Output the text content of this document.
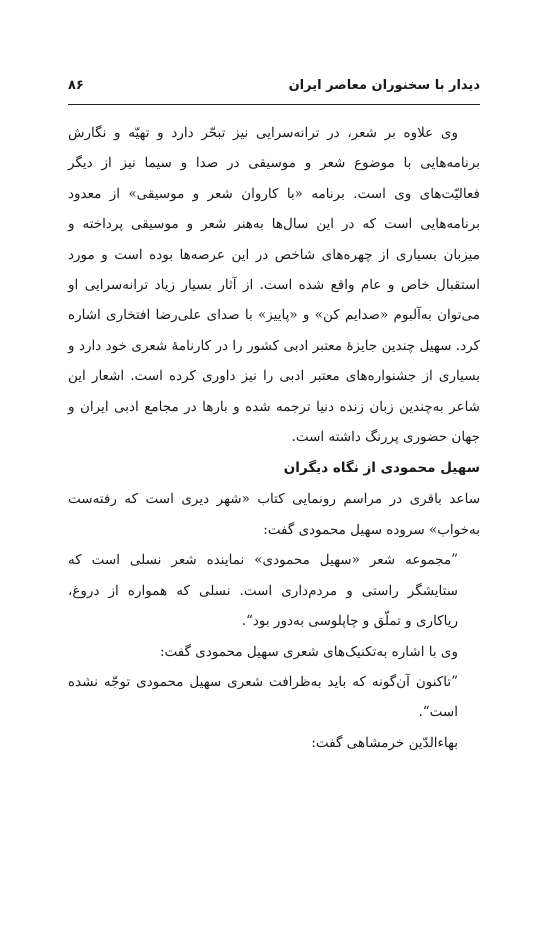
دیدار با سخنوران معاصر ایران
۸۶

وی علاوه بر شعر، در ترانه‌سرایی نیز تبحّر دارد و تهیّه و نگارش برنامه‌هایی با موضوع شعر و موسیقی در صدا و سیما نیز از دیگر فعالیّت‌های وی است. برنامه «با کاروان شعر و موسیقی» از معدود برنامه‌هایی است که در این سال‌ها به‌هنر شعر و موسیقی پرداخته و میزبان بسیاری از چهره‌های شاخص در این عرصه‌ها بوده است و مورد استقبال خاص و عام واقع شده است. از آثار بسیار زیاد ترانه‌سرایی او می‌توان به‌آلبوم «صدایم کن» و «پاییز» با صدای علی‌رضا افتخاری اشاره کرد. سهیل چندین جایزهٔ معتبر ادبی کشور را در کارنامهٔ شعری خود دارد و بسیاری از جشنواره‌های معتبر ادبی را نیز داوری کرده است. اشعار این شاعر به‌چندین زبان زنده دنیا ترجمه شده و بارها در مجامع ادبی ایران و جهان حضوری پررنگ داشته است.

سهیل محمودی از نگاه دیگران

ساعد باقری در مراسم رونمایی کتاب «شهر دیری است که رفته‌ست به‌خواب» سروده سهیل محمودی گفت:

”مجموعه شعر «سهیل محمودی» نماینده شعر نسلی است که ستایشگر راستی و مردم‌داری است. نسلی که همواره از دروغ، ریاکاری و تملّق و چاپلوسی به‌دور بود“.

وی با اشاره به‌تکنیک‌های شعری سهیل محمودی گفت:

”تاکنون آن‌گونه که باید به‌ظرافت شعری سهیل محمودی توجّه نشده است“.

بهاءالدّین خرمشاهی گفت:
